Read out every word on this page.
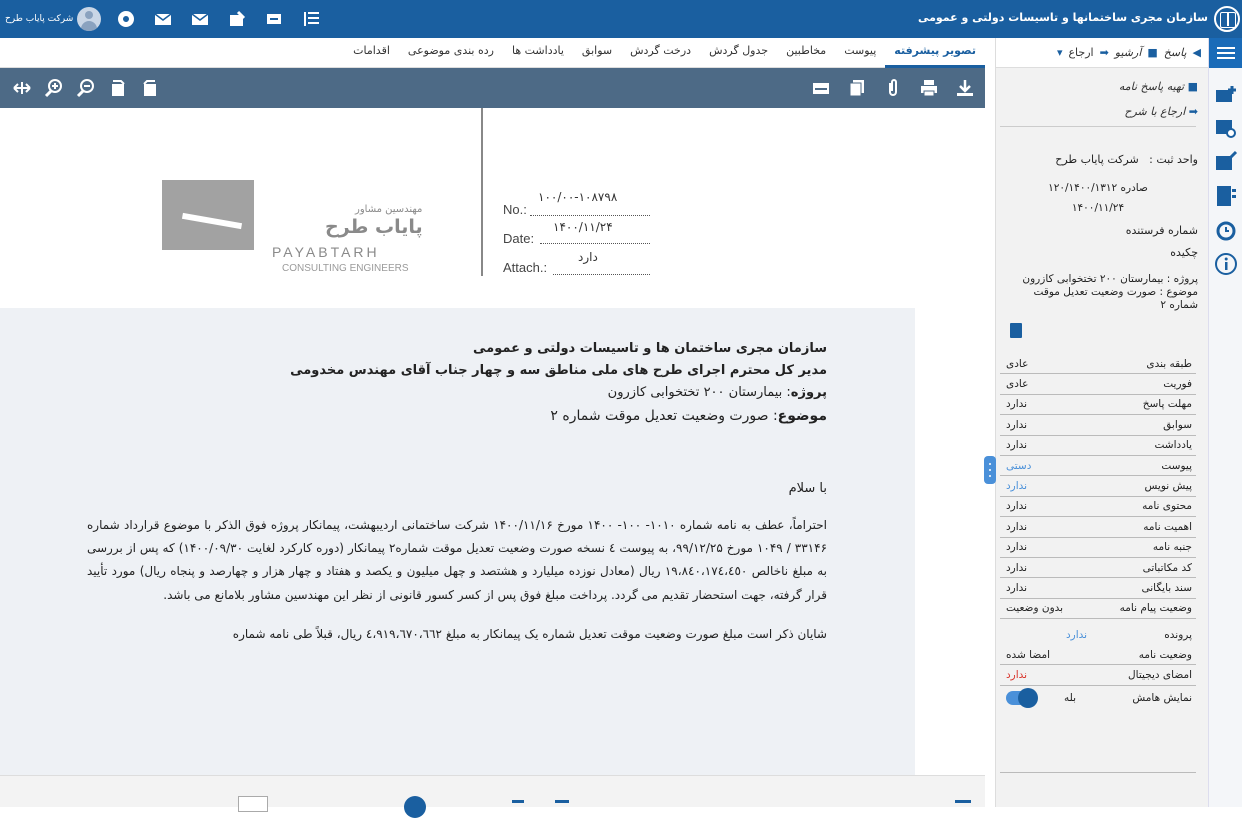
شرکت پایاب طرح	سازمان مجری ساختمانها و تاسیسات دولتی و عمومی
تصویر پیشرفته
پیوست
مخاطبین
جدول گردش
درخت گردش
سوابق
یادداشت ها
رده بندی موضوعی
اقدامات
مهندسین مشاور
پایاب طرح
PAYABTARH
CONSULTING ENGINEERS
No.:
۱۰۰/۰۰-۱۰۸۷۹۸
Date:
۱۴۰۰/۱۱/۲۴
Attach.:
دارد
سازمان مجری ساختمان ها و تاسیسات دولتی و عمومی
مدیر کل محترم اجرای طرح های ملی مناطق سه و چهار جناب آقای مهندس مخدومی
پروژه: بیمارستان ۲۰۰ تختخوابی کازرون
موضوع: صورت وضعیت تعدیل موقت شماره ۲
با سلام
احتراماً، عطف به نامه شماره ۱۰۱۰- ۱۰۰- ۱۴۰۰ مورخ ۱۴۰۰/۱۱/۱۶ شرکت ساختمانی اردیبهشت، پیمانکار پروژه فوق الذکر با موضوع قرارداد شماره ۳۳۱۴۶ / ۱۰۴۹ مورخ ۹۹/۱۲/۲۵، به پیوست ٤ نسخه صورت وضعیت تعدیل موقت شماره۲ پیمانکار (دوره کارکرد لغایت ۱۴۰۰/۰۹/۳۰) که پس از بررسی به مبلغ ناخالص ۱۹،۸٤۰،۱۷٤،٤٥۰ ریال (معادل نوزده میلیارد و هشتصد و چهل میلیون و یکصد و هفتاد و چهار هزار و چهارصد و پنجاه ریال) مورد تأیید قرار گرفته، جهت استحضار تقدیم می گردد. پرداخت مبلغ فوق پس از کسر کسور قانونی از نظر این مهندسین مشاور بلامانع می باشد.
شایان ذکر است مبلغ صورت وضعیت موقت تعدیل شماره یک پیمانکار به مبلغ ٤،۹۱۹،٦۷۰،٦٦۲ ریال، قبلاً طی نامه شماره
◀
پاسخ
■
آرشیو
➡
ارجاع
▾
■ تهیه پاسخ نامه
➡ ارجاع با شرح
واحد ثبت :   شرکت پایاب طرح
صادره ۱۲۰/۱۴۰۰/۱۳۱۲
۱۴۰۰/۱۱/۲۴
شماره فرستنده
چکیده
پروژه : بیمارستان ۲۰۰ تختخوابی کازرون موضوع : صورت وضعیت تعدیل موقت شماره ۲
طبقه بندی
عادی
فوریت
عادی
مهلت پاسخ
ندارد
سوابق
ندارد
یادداشت
ندارد
پیوست
دستی
پیش نویس
ندارد
محتوی نامه
ندارد
اهمیت نامه
ندارد
جنبه نامه
ندارد
کد مکاتباتی
ندارد
سند بایگانی
ندارد
وضعیت پیام نامه
بدون وضعیت
پرونده
ندارد
وضعیت نامه
امضا شده
امضای دیجیتال
ندارد
نمایش هامش
بله
